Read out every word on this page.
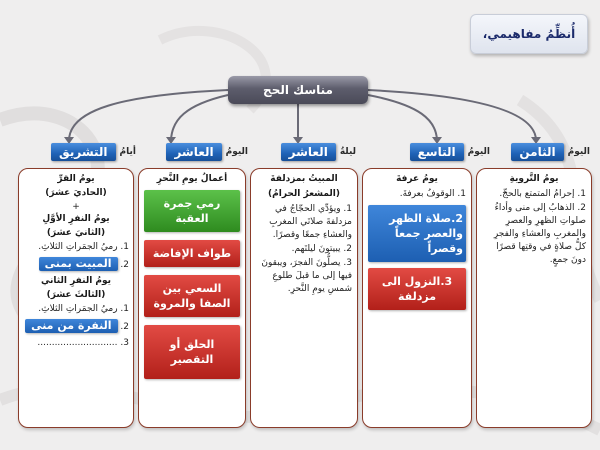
أُنظِّمُ مفاهيمي،
مناسك الحج
اليومُ
الثامن
اليومُ
التاسع
ليلةُ
العاشر
اليومُ
العاشر
أيامُ
التشريق
يومُ التَّرويةِ
1. إحرامُ المتمتع بالحجِّ.
2. الذهابُ إلى منى وأداءُ صلواتِ الظهرِ والعصرِ والمغربِ والعشاءِ والفجرِ كلُّ صلاةٍ في وقتِها قصرًا دونَ جمعٍ.
يومُ عرفةَ
1. الوقوفُ بعرفةَ.
2.صلاة الظهر والعصر جمعاً وقصراً
3.النزول الى مزدلفة
المبيتُ بمزدلفةَ
(المشعرُ الحرامُ)
1. ويؤدِّي الحجّاجُ في مزدلفةَ صلاتَي المغربِ والعشاءِ جمعًا وقصرًا.
2. يبيتونَ ليلتَهم.
3. يصلُّونَ الفجرَ، ويبقونَ فيها إلى ما قبلَ طلوعِ شمسِ يومِ النَّحرِ.
أعمالُ يومِ النَّحرِ
رمي جمرة العقبة
طواف الإفاضة
السعي بين الصفا والمروة
الحلق أو التقصير
يومُ القرِّ
(الحاديَ عشرَ)
+
يومُ النفرِ الأوَّلِ
(الثانيَ عشرَ)
1. رميُ الجمَراتِ الثلاثِ.
2. المبيت بمنى
يومُ النفرِ الثاني
(الثالثَ عشرَ)
1. رميُ الجمَراتِ الثلاثِ.
2. النفرة من منى
3. ............................
